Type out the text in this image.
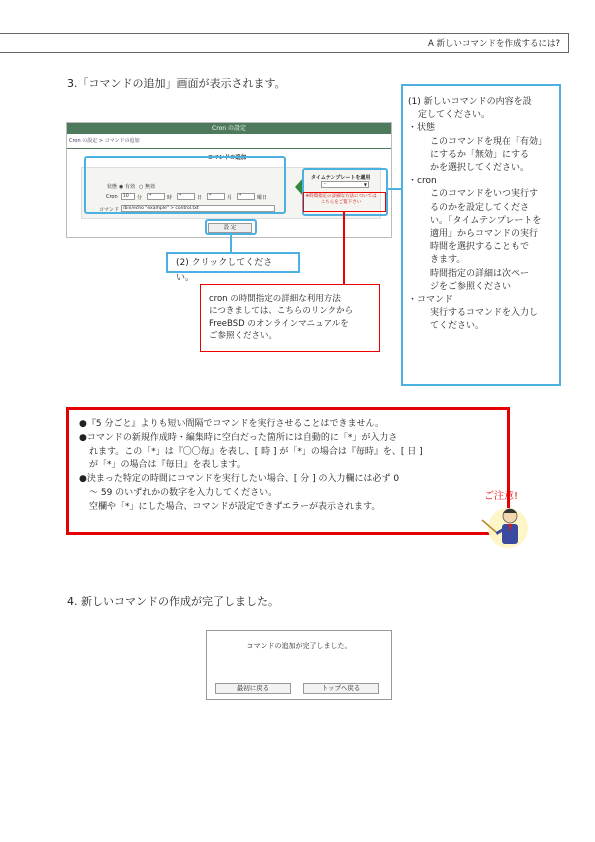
A 新しいコマンドを作成するには?
3.「コマンドの追加」画面が表示されます。
Cron の設定
Cron の設定 > コマンドの追加
コマンドの追加
状態 ◉ 有効 ○ 無効
Cron	10	分	*	時	*	日	*	月	*	曜日
コマンド /bin/echo "example" > control.txt
タイムテンプレートを適用
-	▼
※時間指定の詳細な方法については こちらをご覧下さい
設 定
(2) クリックしてください。
cron の時間指定の詳細な利用方法
につきましては、こちらのリンクから
FreeBSD のオンラインマニュアルを
ご参照ください。

(1) 新しいコマンドの内容を設

定してください。

・状態

このコマンドを現在「有効」

にするか「無効」にする

かを選択してください。

・cron

このコマンドをいつ実行す

るのかを設定してくださ

い。「タイムテンプレートを

適用」からコマンドの実行

時間を選択することもで

きます。

時間指定の詳細は次ペー

ジをご参照ください

・コマンド

実行するコマンドを入力し

てください。

●『5 分ごと』よりも短い間隔でコマンドを実行させることはできません。

●コマンドの新規作成時・編集時に空白だった箇所には自動的に「*」が入力さ

れます。この「*」は『〇〇毎』を表し、[ 時 ] が「*」の場合は『毎時』を、[ 日 ]

が「*」の場合は『毎日』を表します。

●決まった特定の時間にコマンドを実行したい場合、[ 分 ] の入力欄には必ず 0

〜 59 のいずれかの数字を入力してください。

空欄や「*」にした場合、コマンドが設定できずエラーが表示されます。

ご注意!
4. 新しいコマンドの作成が完了しました。
コマンドの追加が完了しました。
最初に戻る	トップへ戻る
